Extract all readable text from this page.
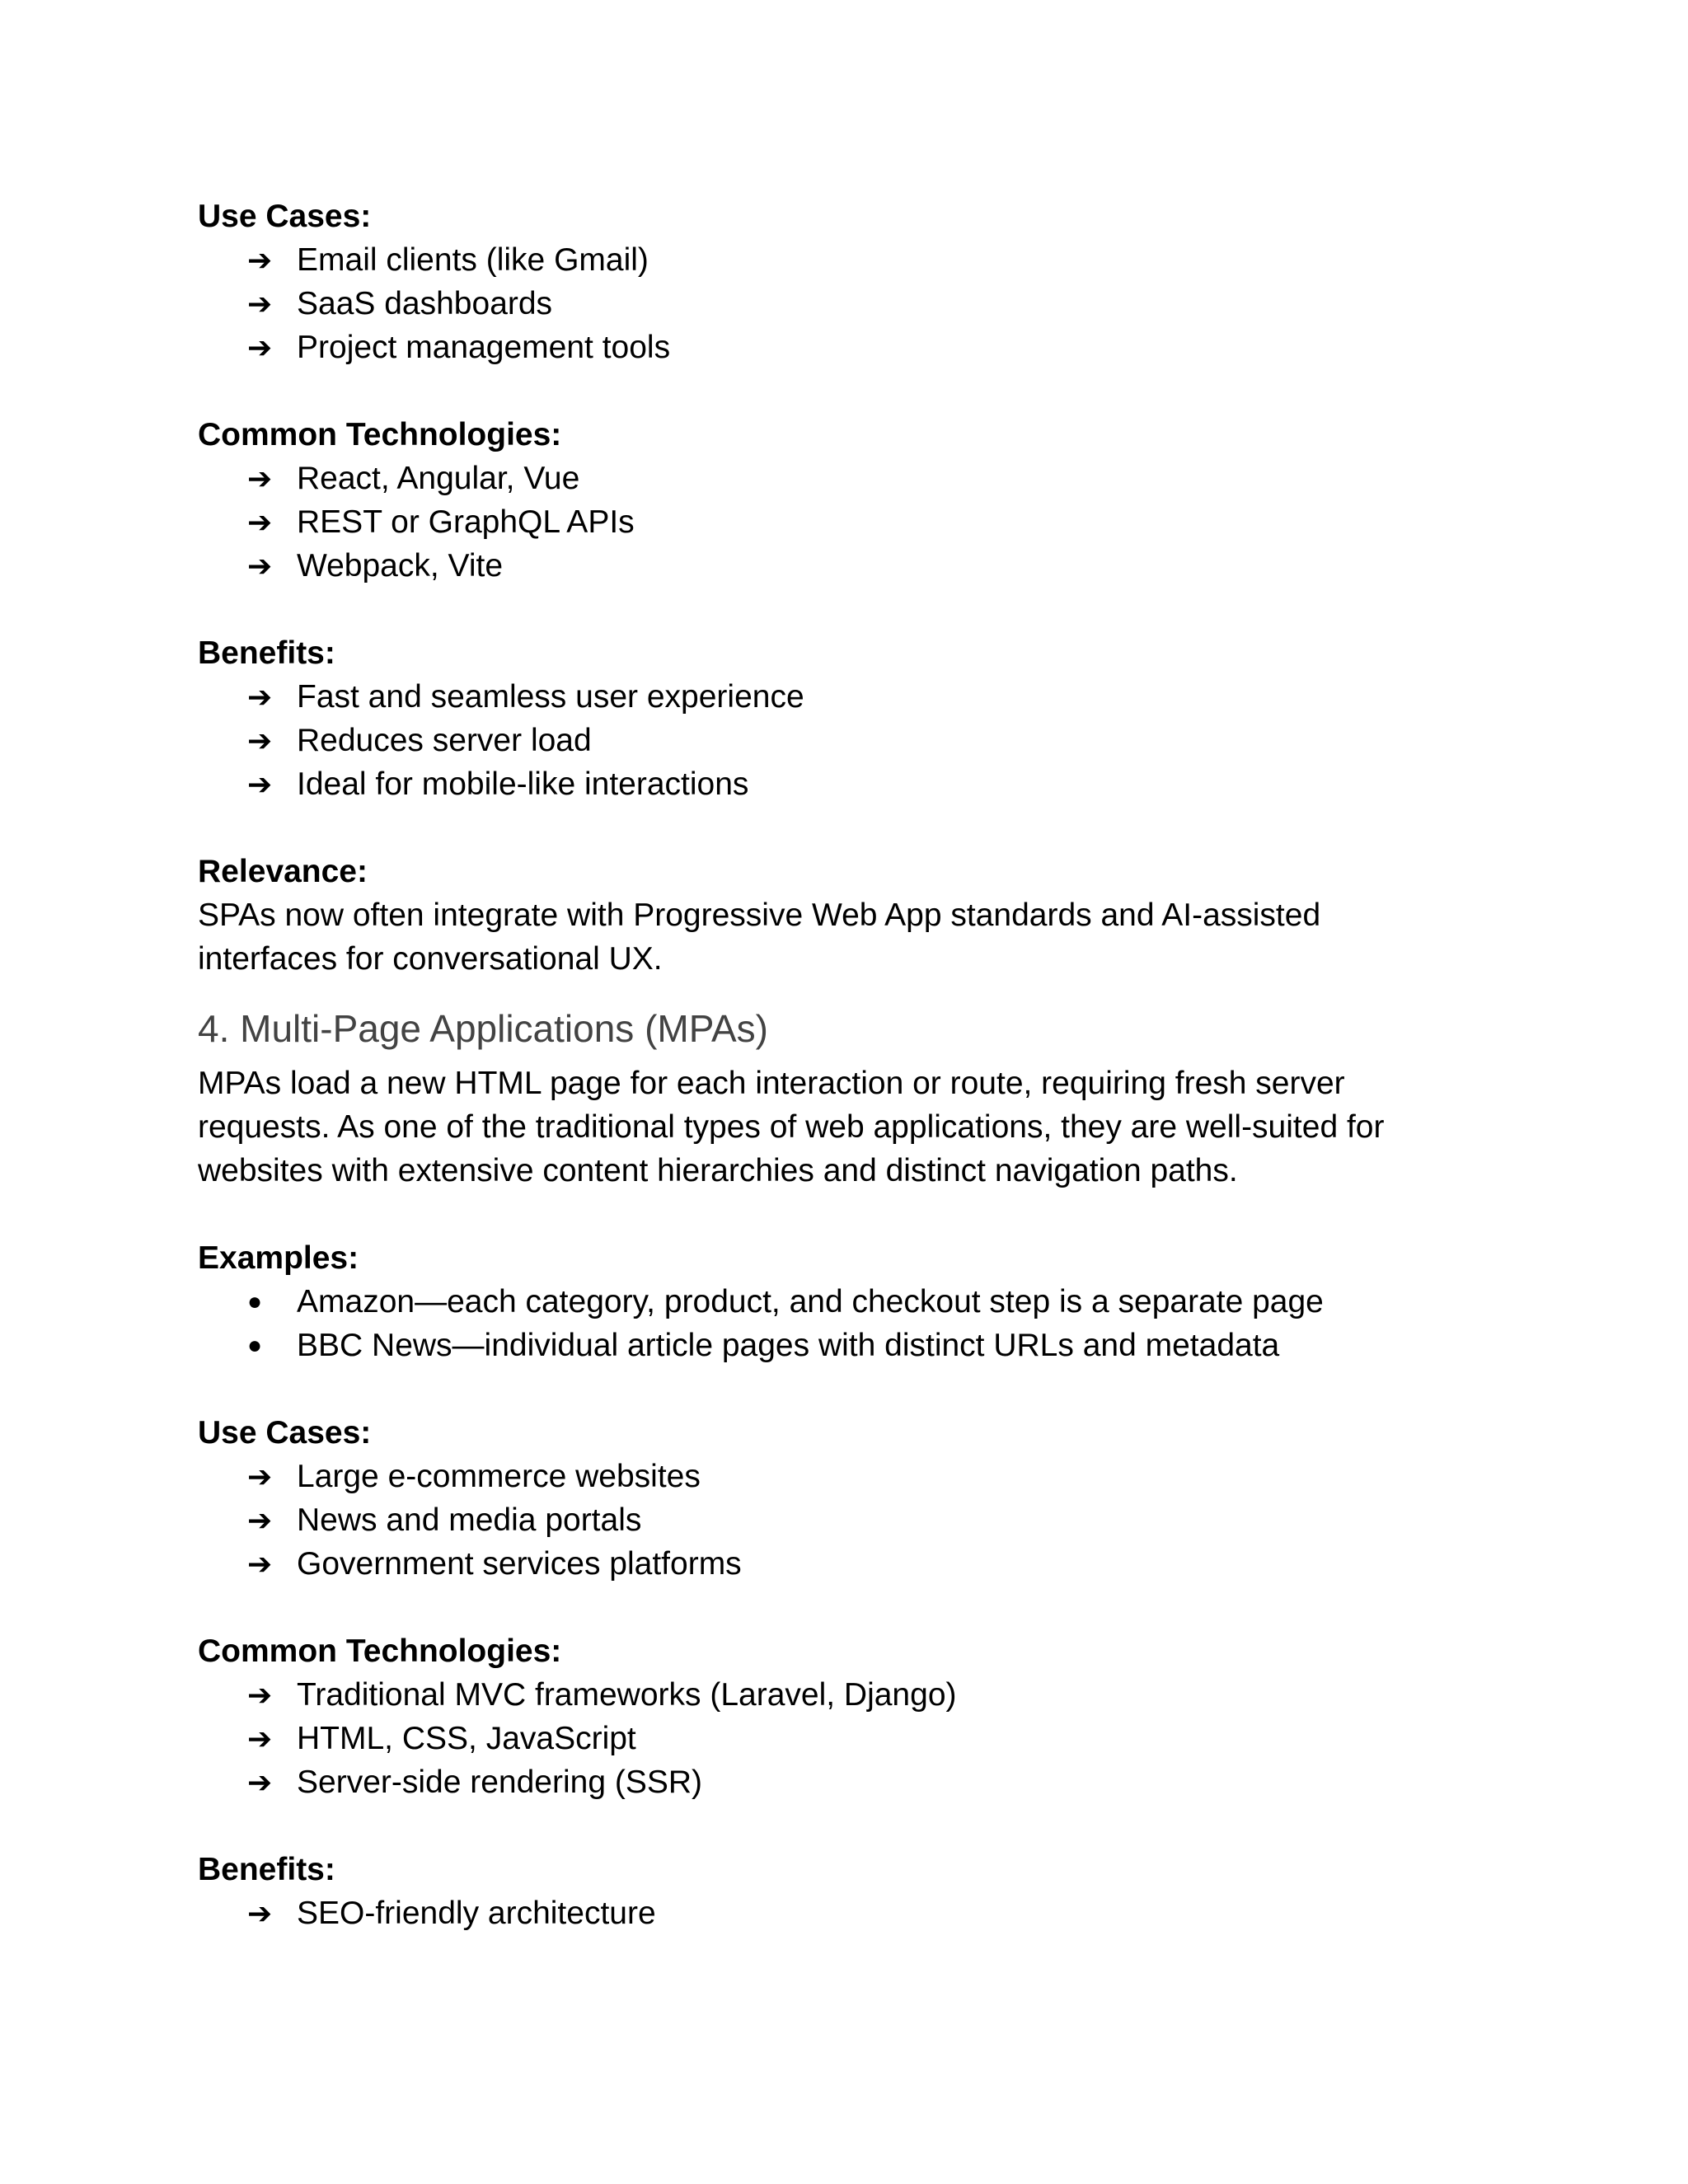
Use Cases:

➔ Email clients (like Gmail)
➔ SaaS dashboards
➔ Project management tools

Common Technologies:

➔ React, Angular, Vue
➔ REST or GraphQL APIs
➔ Webpack, Vite

Benefits:

➔ Fast and seamless user experience
➔ Reduces server load
➔ Ideal for mobile-like interactions

Relevance:

SPAs now often integrate with Progressive Web App standards and AI-assisted

interfaces for conversational UX.

4. Multi-Page Applications (MPAs)

MPAs load a new HTML page for each interaction or route, requiring fresh server

requests. As one of the traditional types of web applications, they are well-suited for

websites with extensive content hierarchies and distinct navigation paths.

Examples:

●	Amazon—each category, product, and checkout step is a separate page
●	BBC News—individual article pages with distinct URLs and metadata

Use Cases:

➔ Large e-commerce websites
➔ News and media portals
➔ Government services platforms

Common Technologies:

➔ Traditional MVC frameworks (Laravel, Django)
➔ HTML, CSS, JavaScript
➔ Server-side rendering (SSR)

Benefits:

➔ SEO-friendly architecture
